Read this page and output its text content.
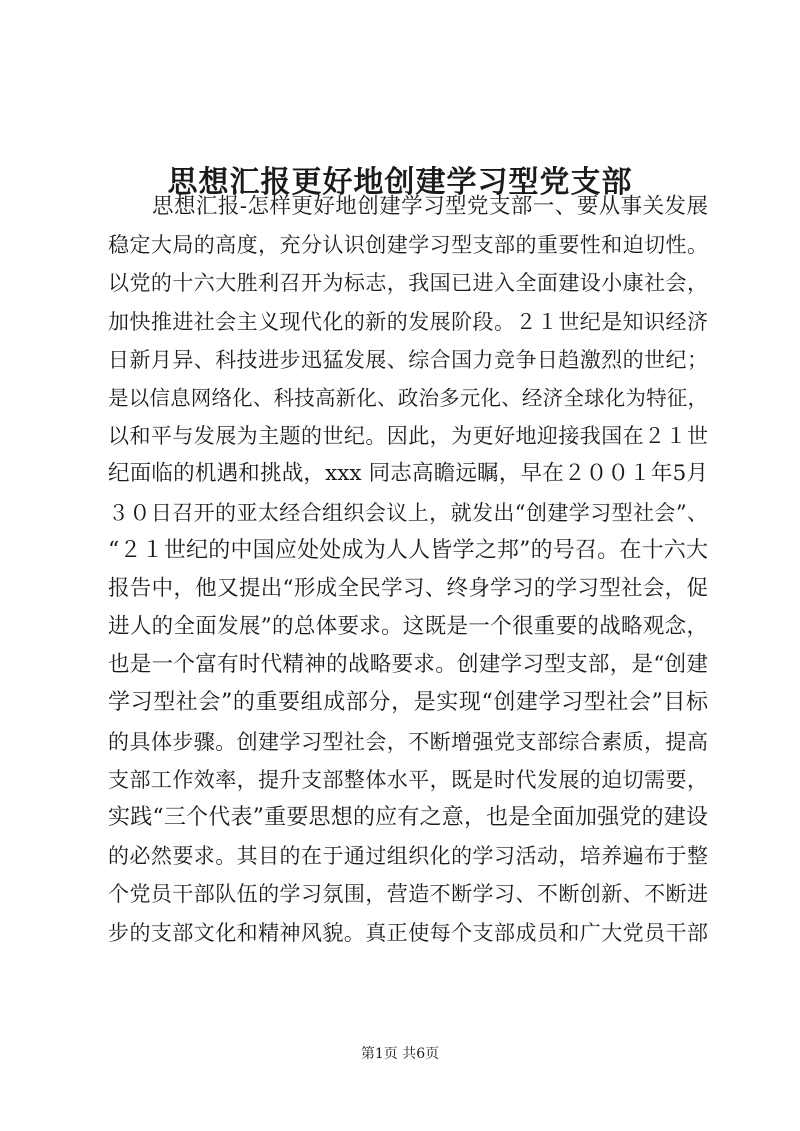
思想汇报更好地创建学习型党支部
思想汇报-怎样更好地创建学习型党支部一、要从事关发展
稳定大局的高度，充分认识创建学习型支部的重要性和迫切性。
以党的十六大胜利召开为标志，我国已进入全面建设小康社会，
加快推进社会主义现代化的新的发展阶段。２１世纪是知识经济
日新月异、科技进步迅猛发展、综合国力竞争日趋激烈的世纪；
是以信息网络化、科技高新化、政治多元化、经济全球化为特征，
以和平与发展为主题的世纪。因此，为更好地迎接我国在２１世
纪面临的机遇和挑战，xxx 同志高瞻远瞩，早在２００１年5月
３０日召开的亚太经合组织会议上，就发出“创建学习型社会”、
“２１世纪的中国应处处成为人人皆学之邦”的号召。在十六大
报告中，他又提出“形成全民学习、终身学习的学习型社会，促
进人的全面发展”的总体要求。这既是一个很重要的战略观念，
也是一个富有时代精神的战略要求。创建学习型支部，是“创建
学习型社会”的重要组成部分，是实现“创建学习型社会”目标
的具体步骤。创建学习型社会，不断增强党支部综合素质，提高
支部工作效率，提升支部整体水平，既是时代发展的迫切需要，
实践“三个代表”重要思想的应有之意，也是全面加强党的建设
的必然要求。其目的在于通过组织化的学习活动，培养遍布于整
个党员干部队伍的学习氛围，营造不断学习、不断创新、不断进
步的支部文化和精神风貌。真正使每个支部成员和广大党员干部
第1页 共6页
